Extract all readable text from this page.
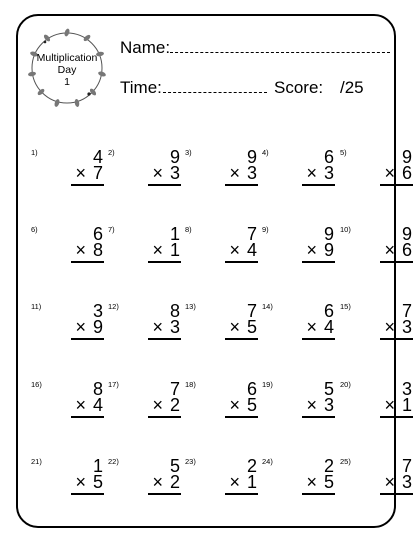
Multiplication
Day
1
Name:
Time:	Score: /25
1)	4
× 7
2)	9
× 3
3)	9
× 3
4)	6
× 3
5)	9
× 6
6)	6
× 8
7)	1
× 1
8)	7
× 4
9)	9
× 9
10)	9
× 6
11)	3
× 9
12)	8
× 3
13)	7
× 5
14)	6
× 4
15)	7
× 3
16)	8
× 4
17)	7
× 2
18)	6
× 5
19)	5
× 3
20)	3
× 1
21)	1
× 5
22)	5
× 2
23)	2
× 1
24)	2
× 5
25)	7
× 3
